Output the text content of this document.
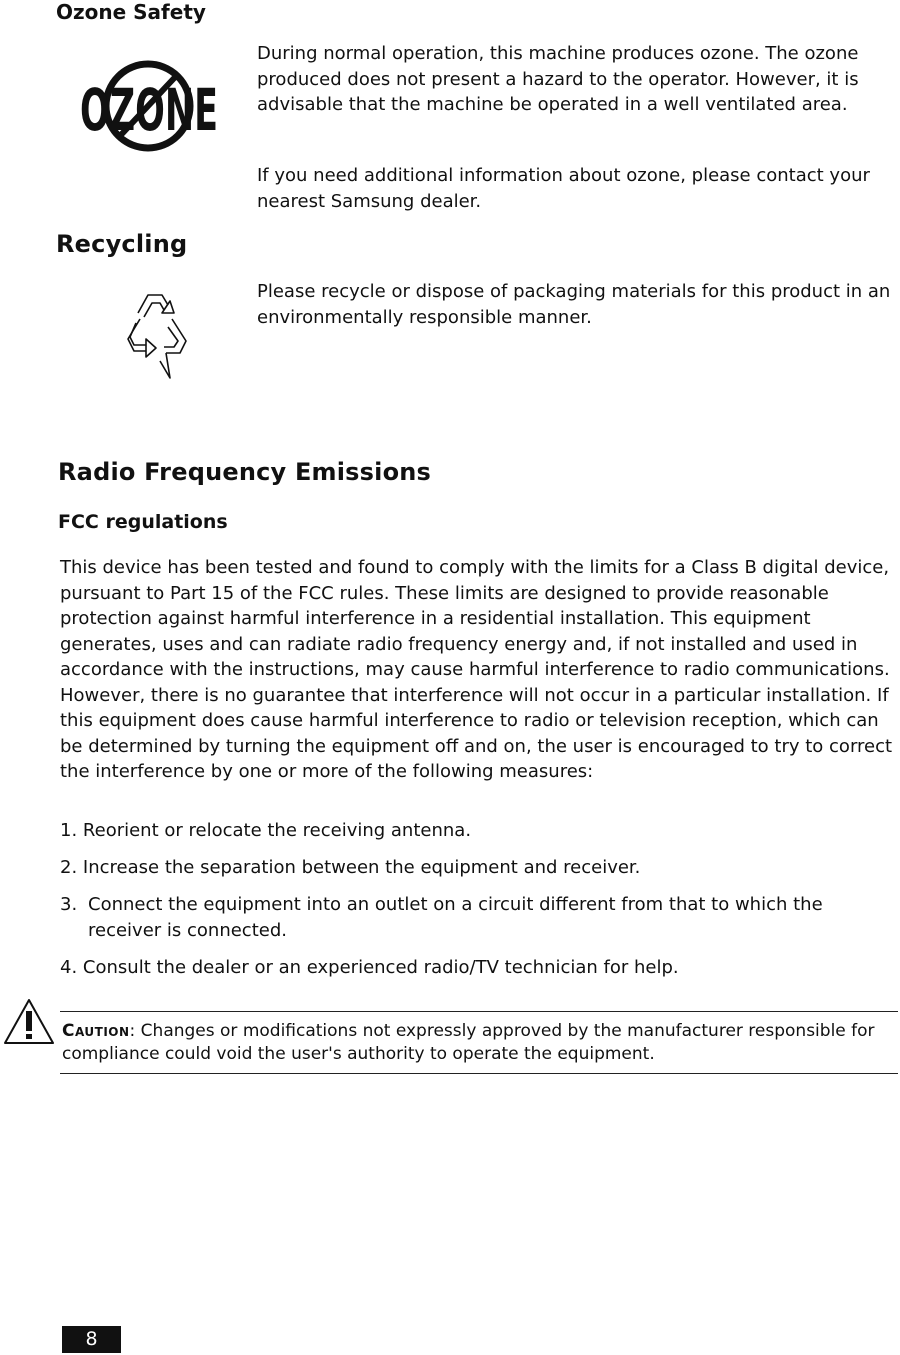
Ozone Safety
OZONE
During normal operation, this machine produces ozone. The ozone produced does not present a hazard to the operator. However, it is advisable that the machine be operated in a well ventilated area.
If you need additional information about ozone, please contact your nearest Samsung dealer.
Recycling
Please recycle or dispose of packaging materials for this product in an environmentally responsible manner.
Radio Frequency Emissions
FCC regulations
This device has been tested and found to comply with the limits for a Class B digital device, pursuant to Part 15 of the FCC rules. These limits are designed to provide reasonable protection against harmful interference in a residential installation. This equipment generates, uses and can radiate radio frequency energy and, if not installed and used in accordance with the instructions, may cause harmful interference to radio communications. However, there is no guarantee that interference will not occur in a particular installation. If this equipment does cause harmful interference to radio or television reception, which can be determined by turning the equipment off and on, the user is encouraged to try to correct the interference by one or more of the following measures:
1. Reorient or relocate the receiving antenna.
2. Increase the separation between the equipment and receiver.
3. Connect the equipment into an outlet on a circuit different from that to which the receiver is connected.
4. Consult the dealer or an experienced radio/TV technician for help.
Caution: Changes or modifications not expressly approved by the manufacturer responsible for compliance could void the user's authority to operate the equipment.
8
